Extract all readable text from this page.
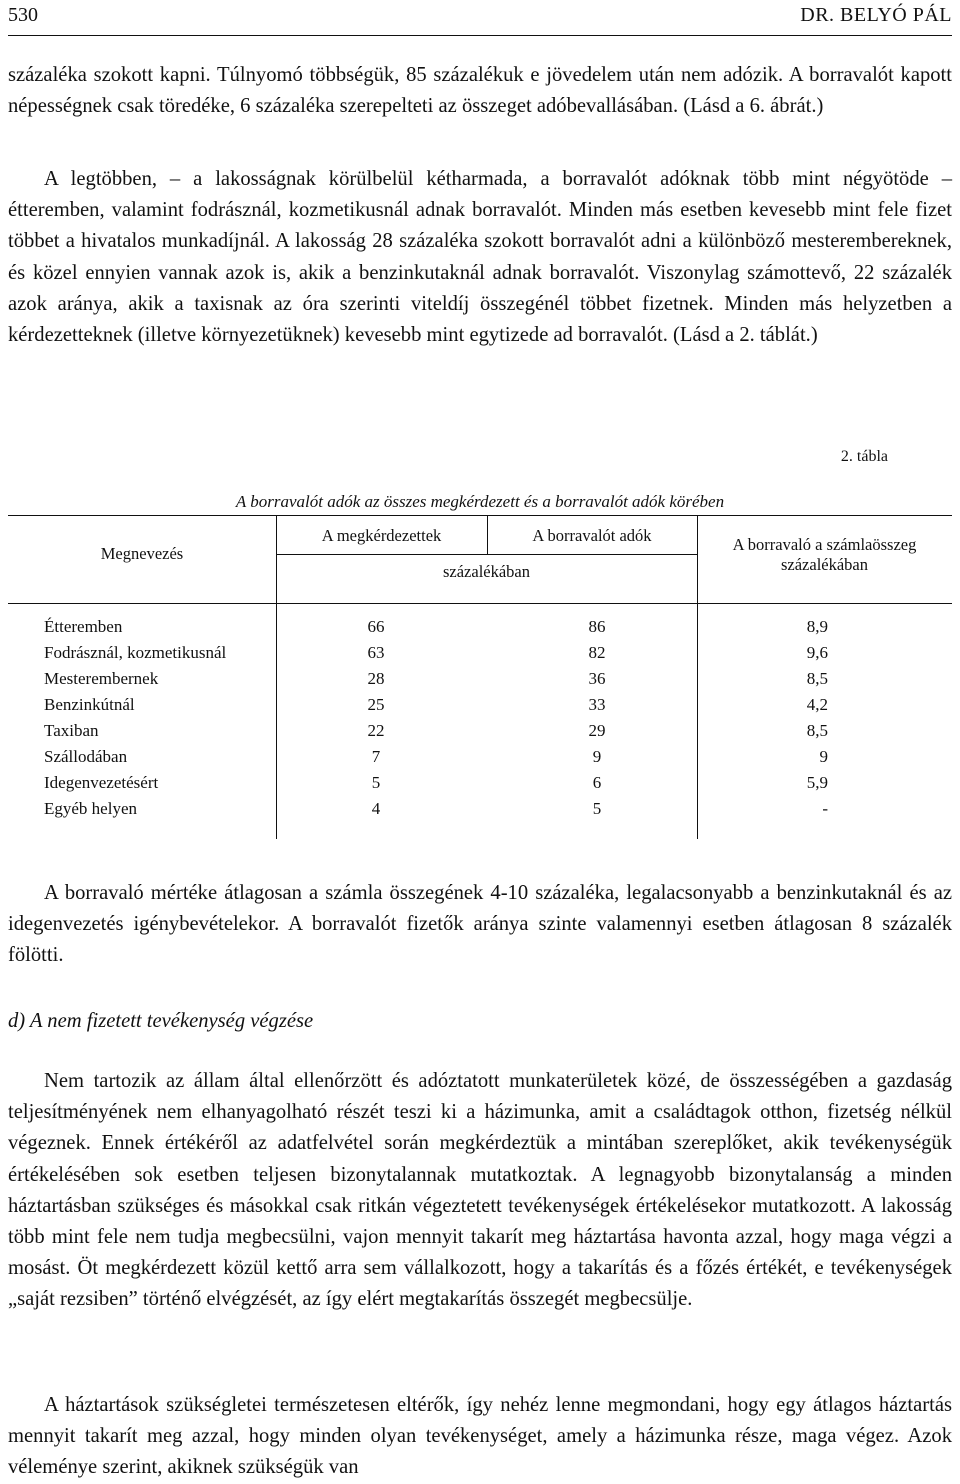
530	DR. BELYÓ PÁL

százaléka szokott kapni. Túlnyomó többségük, 85 százalékuk e jövedelem után nem adózik. A borravalót kapott népességnek csak töredéke, 6 százaléka szerepelteti az összeget adóbevallásában. (Lásd a 6. ábrát.)

A legtöbben, – a lakosságnak körülbelül kétharmada, a borravalót adóknak több mint négyötöde – étteremben, valamint fodrásznál, kozmetikusnál adnak borravalót. Minden más esetben kevesebb mint fele fizet többet a hivatalos munkadíjnál. A lakosság 28 százaléka szokott borravalót adni a különböző mesterembereknek, és közel ennyien vannak azok is, akik a benzinkutaknál adnak borravalót. Viszonylag számottevő, 22 százalék azok aránya, akik a taxisnak az óra szerinti viteldíj összegénél többet fizetnek. Minden más helyzetben a kérdezetteknek (illetve környezetüknek) kevesebb mint egytizede ad borravalót. (Lásd a 2. táblát.)

2. tábla
A borravalót adók az összes megkérdezett és a borravalót adók körében
Megnevezés
A megkérdezettek	A borravalót adók
százalékában
A borravaló a számlaösszeg
százalékában
Étteremben	66	86	8,9
Fodrásznál, kozmetikusnál	63	82	9,6
Mesterembernek	28	36	8,5
Benzinkútnál	25	33	4,2
Taxiban	22	29	8,5
Szállodában	7	9	9
Idegenvezetésért	5	6	5,9
Egyéb helyen	4	5	-

A borravaló mértéke átlagosan a számla összegének 4-10 százaléka, legalacsonyabb a benzinkutaknál és az idegenvezetés igénybevételekor. A borravalót fizetők aránya szinte valamennyi esetben átlagosan 8 százalék fölötti.

d) A nem fizetett tevékenység végzése

Nem tartozik az állam által ellenőrzött és adóztatott munkaterületek közé, de összességében a gazdaság teljesítményének nem elhanyagolható részét teszi ki a házimunka, amit a családtagok otthon, fizetség nélkül végeznek. Ennek értékéről az adatfelvétel során megkérdeztük a mintában szereplőket, akik tevékenységük értékelésében sok esetben teljesen bizonytalannak mutatkoztak. A legnagyobb bizonytalanság a minden háztartásban szükséges és másokkal csak ritkán végeztetett tevékenységek értékelésekor mutatkozott. A lakosság több mint fele nem tudja megbecsülni, vajon mennyit takarít meg háztartása havonta azzal, hogy maga végzi a mosást. Öt megkérdezett közül kettő arra sem vállalkozott, hogy a takarítás és a főzés értékét, e tevékenységek „saját rezsiben” történő elvégzését, az így elért megtakarítás összegét megbecsülje.

A háztartások szükségletei természetesen eltérők, így nehéz lenne megmondani, hogy egy átlagos háztartás mennyit takarít meg azzal, hogy minden olyan tevékenységet, amely a házimunka része, maga végez. Azok véleménye szerint, akiknek szükségük van
